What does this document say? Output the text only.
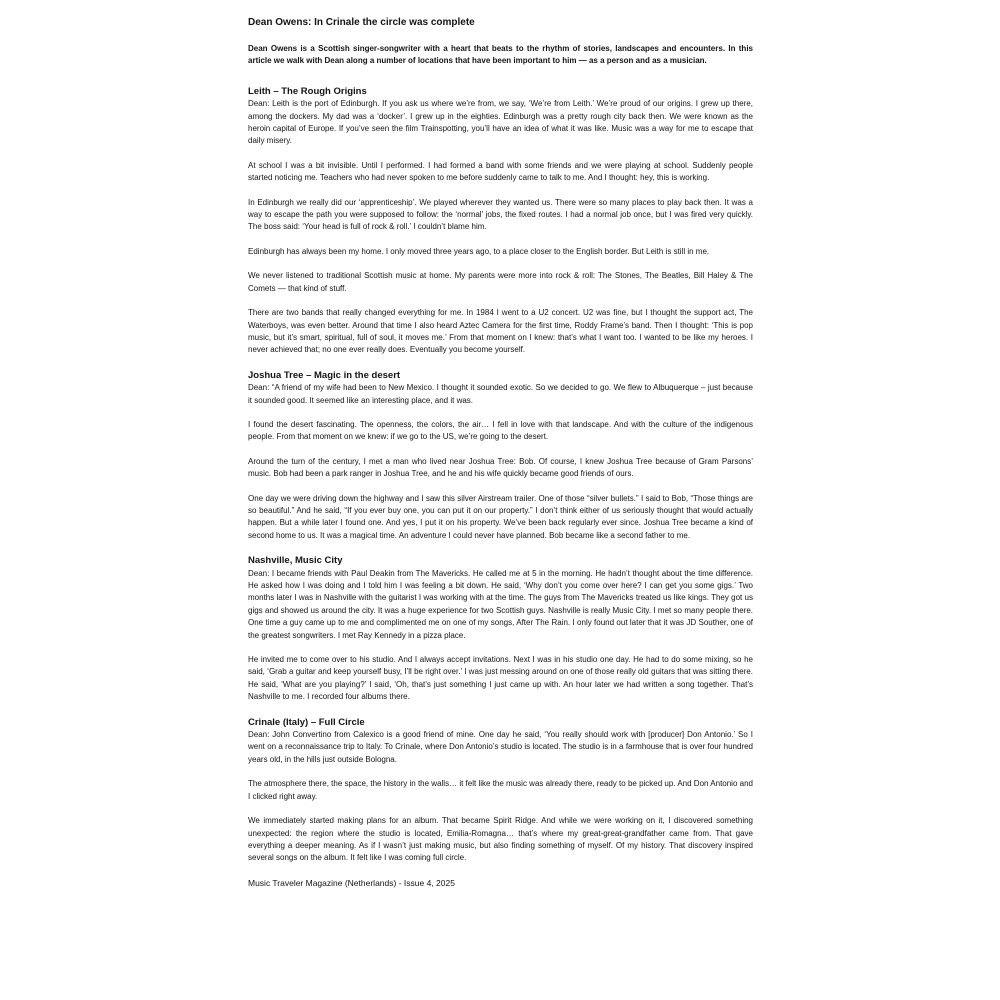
Dean Owens: In Crinale the circle was complete

Dean Owens is a Scottish singer-songwriter with a heart that beats to the rhythm of stories, landscapes and encounters. In this article we walk with Dean along a number of locations that have been important to him — as a person and as a musician.

Leith – The Rough Origins

Dean: Leith is the port of Edinburgh. If you ask us where we’re from, we say, ‘We’re from Leith.’ We’re proud of our origins. I grew up there, among the dockers. My dad was a ‘docker’. I grew up in the eighties. Edinburgh was a pretty rough city back then. We were known as the heroin capital of Europe. If you’ve seen the film Trainspotting, you’ll have an idea of what it was like. Music was a way for me to escape that daily misery.

At school I was a bit invisible. Until I performed. I had formed a band with some friends and we were playing at school. Suddenly people started noticing me. Teachers who had never spoken to me before suddenly came to talk to me. And I thought: hey, this is working.

In Edinburgh we really did our ‘apprenticeship’. We played wherever they wanted us. There were so many places to play back then. It was a way to escape the path you were supposed to follow: the ‘normal’ jobs, the fixed routes. I had a normal job once, but I was fired very quickly. The boss said: ‘Your head is full of rock & roll.’ I couldn’t blame him.

Edinburgh has always been my home. I only moved three years ago, to a place closer to the English border. But Leith is still in me.

We never listened to traditional Scottish music at home. My parents were more into rock & roll: The Stones, The Beatles, Bill Haley & The Comets — that kind of stuff.

There are two bands that really changed everything for me. In 1984 I went to a U2 concert. U2 was fine, but I thought the support act, The Waterboys, was even better. Around that time I also heard Aztec Camera for the first time, Roddy Frame’s band. Then I thought: ‘This is pop music, but it’s smart, spiritual, full of soul, it moves me.’ From that moment on I knew: that’s what I want too. I wanted to be like my heroes. I never achieved that; no one ever really does. Eventually you become yourself.

Joshua Tree – Magic in the desert

Dean: “A friend of my wife had been to New Mexico. I thought it sounded exotic. So we decided to go. We flew to Albuquerque – just because it sounded good. It seemed like an interesting place, and it was.

I found the desert fascinating. The openness, the colors, the air… I fell in love with that landscape. And with the culture of the indigenous people. From that moment on we knew: if we go to the US, we’re going to the desert.

Around the turn of the century, I met a man who lived near Joshua Tree: Bob. Of course, I knew Joshua Tree because of Gram Parsons’ music. Bob had been a park ranger in Joshua Tree, and he and his wife quickly became good friends of ours.

One day we were driving down the highway and I saw this silver Airstream trailer. One of those “silver bullets.” I said to Bob, “Those things are so beautiful.” And he said, “If you ever buy one, you can put it on our property.” I don’t think either of us seriously thought that would actually happen. But a while later I found one. And yes, I put it on his property. We’ve been back regularly ever since. Joshua Tree became a kind of second home to us. It was a magical time. An adventure I could never have planned. Bob became like a second father to me.

Nashville, Music City

Dean: I became friends with Paul Deakin from The Mavericks. He called me at 5 in the morning. He hadn’t thought about the time difference. He asked how I was doing and I told him I was feeling a bit down. He said, ‘Why don’t you come over here? I can get you some gigs.’ Two months later I was in Nashville with the guitarist I was working with at the time. The guys from The Mavericks treated us like kings. They got us gigs and showed us around the city. It was a huge experience for two Scottish guys. Nashville is really Music City. I met so many people there. One time a guy came up to me and complimented me on one of my songs, After The Rain. I only found out later that it was JD Souther, one of the greatest songwriters. I met Ray Kennedy in a pizza place.

He invited me to come over to his studio. And I always accept invitations. Next I was in his studio one day. He had to do some mixing, so he said, ‘Grab a guitar and keep yourself busy, I’ll be right over.’ I was just messing around on one of those really old guitars that was sitting there. He said, ‘What are you playing?’ I said, ‘Oh, that’s just something I just came up with. An hour later we had written a song together. That’s Nashville to me. I recorded four albums there.

Crinale (Italy) – Full Circle

Dean: John Convertino from Calexico is a good friend of mine. One day he said, ‘You really should work with [producer] Don Antonio.’ So I went on a reconnaissance trip to Italy. To Crinale, where Don Antonio’s studio is located. The studio is in a farmhouse that is over four hundred years old, in the hills just outside Bologna.

The atmosphere there, the space, the history in the walls… it felt like the music was already there, ready to be picked up. And Don Antonio and I clicked right away.

We immediately started making plans for an album. That became Spirit Ridge. And while we were working on it, I discovered something unexpected: the region where the studio is located, Emilia-Romagna… that’s where my great-great-grandfather came from. That gave everything a deeper meaning. As if I wasn’t just making music, but also finding something of myself. Of my history. That discovery inspired several songs on the album. It felt like I was coming full circle.

Music Traveler Magazine (Netherlands) - Issue 4, 2025
